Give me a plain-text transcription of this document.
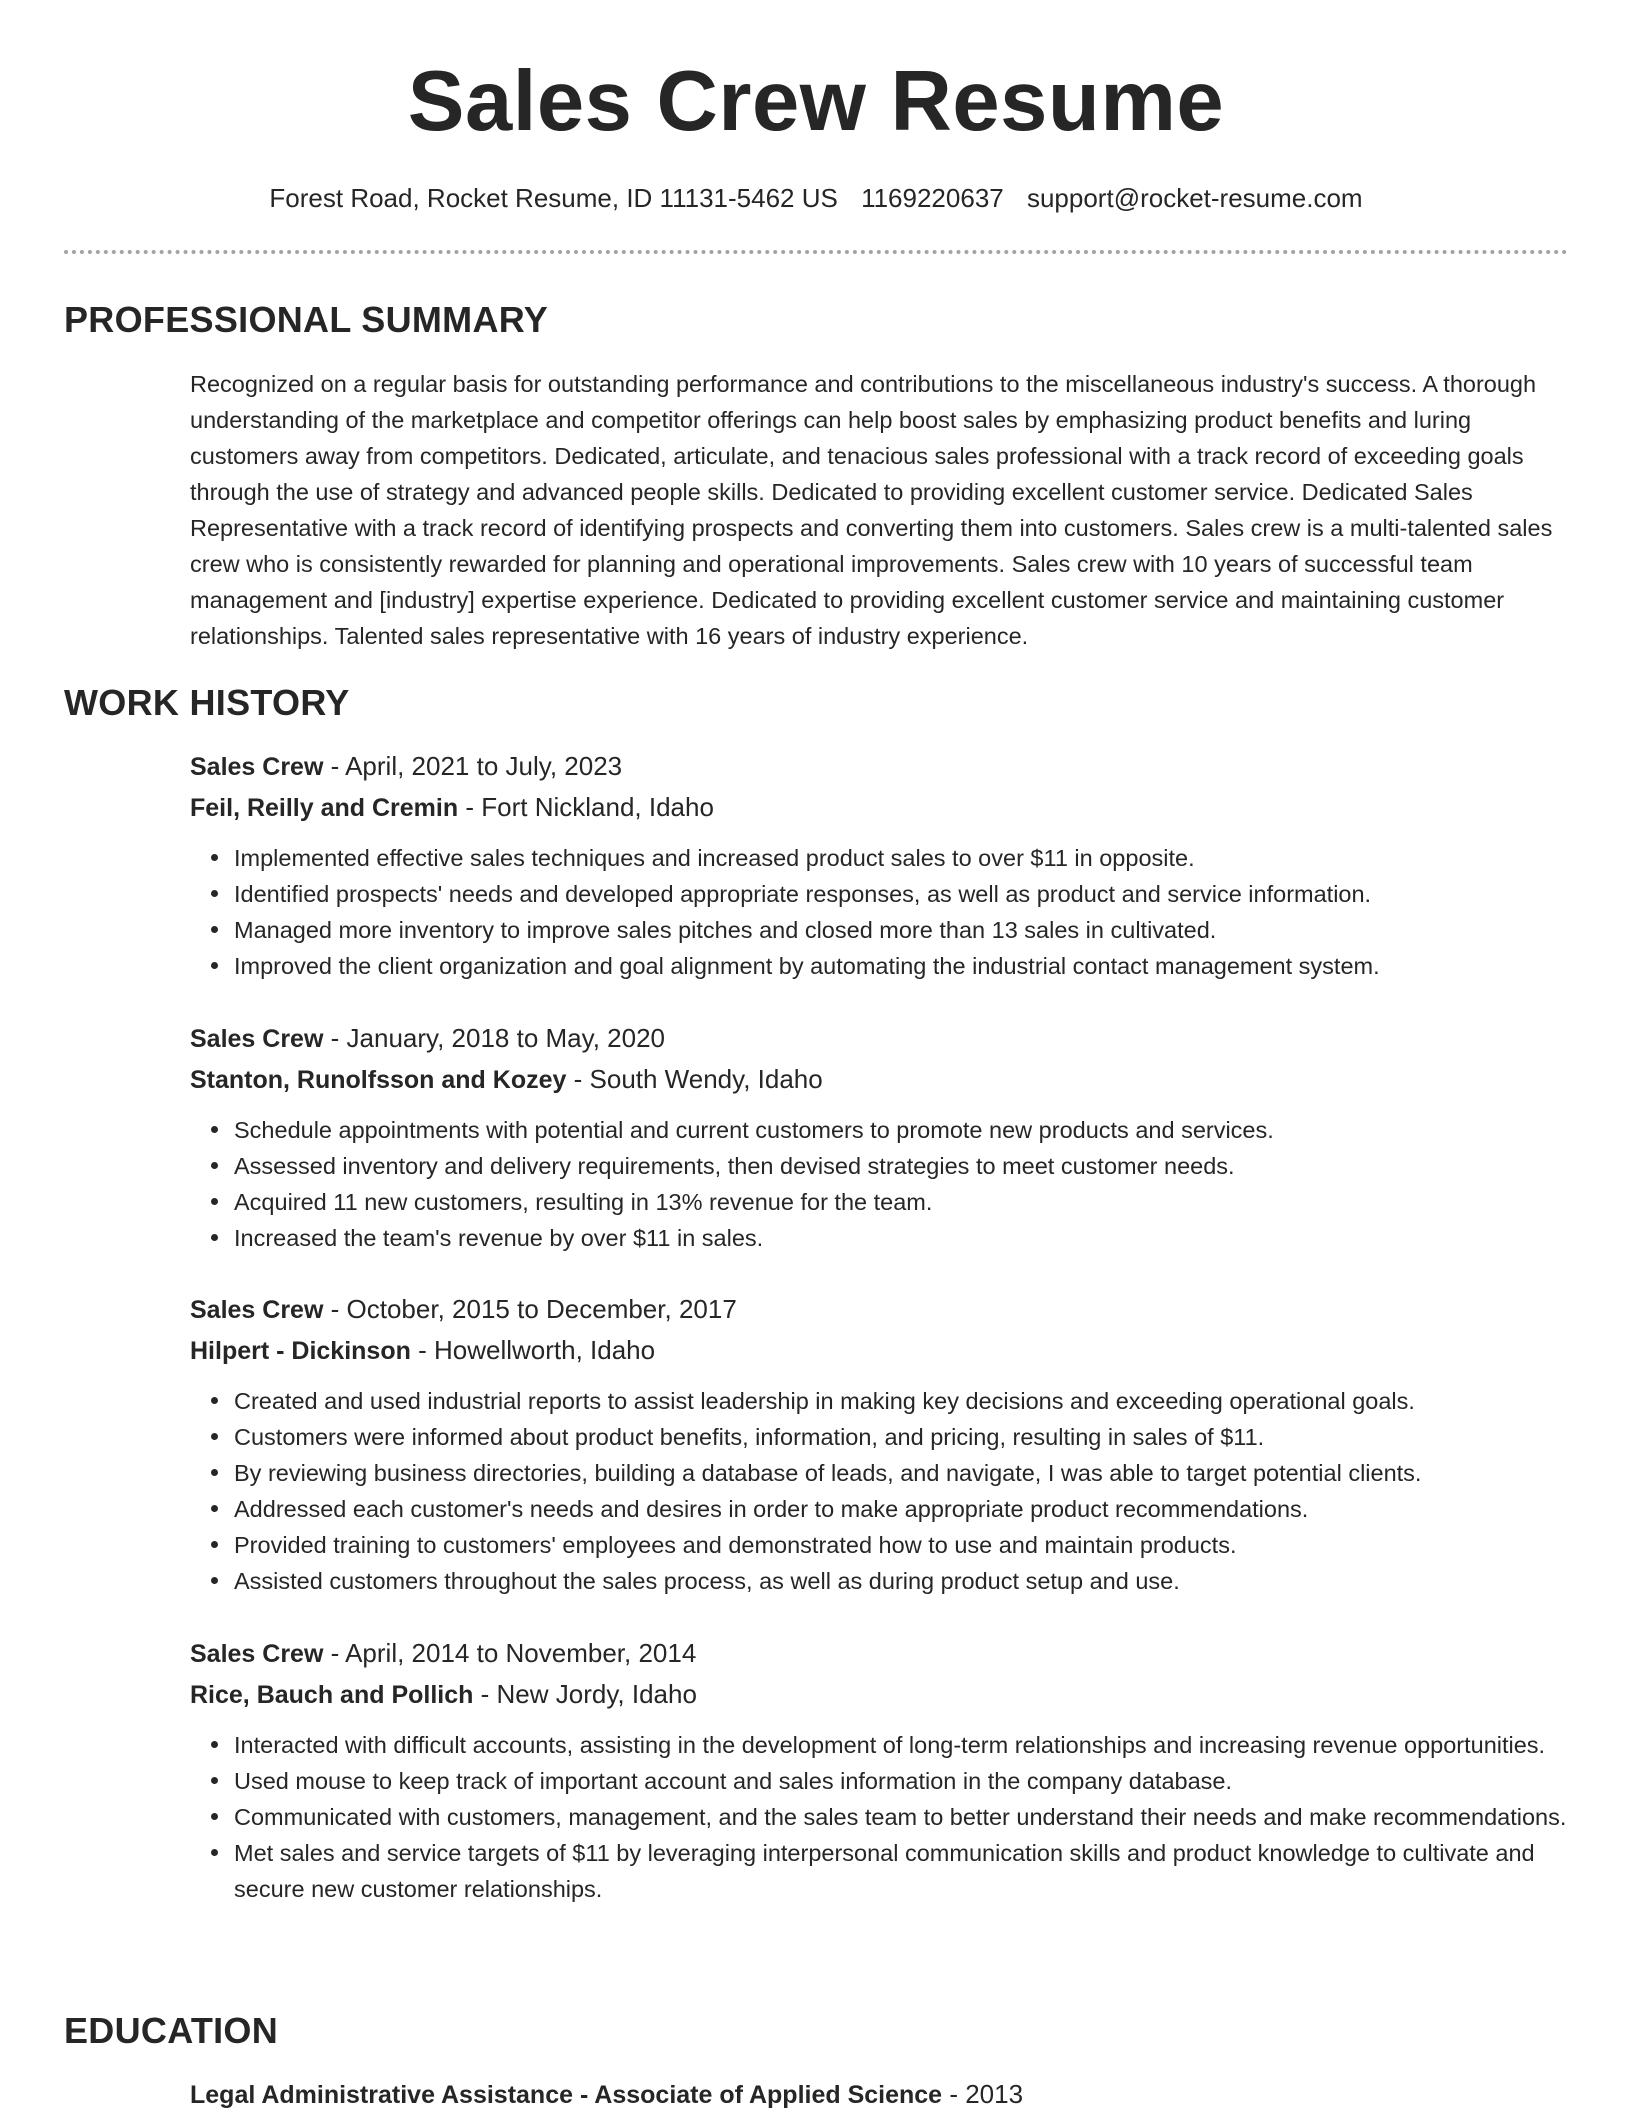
Sales Crew Resume
Forest Road, Rocket Resume, ID 11131-5462 US 1169220637 support@rocket-resume.com
PROFESSIONAL SUMMARY

Recognized on a regular basis for outstanding performance and contributions to the miscellaneous industry's success. A thorough understanding of the marketplace and competitor offerings can help boost sales by emphasizing product benefits and luring customers away from competitors. Dedicated, articulate, and tenacious sales professional with a track record of exceeding goals through the use of strategy and advanced people skills. Dedicated to providing excellent customer service. Dedicated Sales Representative with a track record of identifying prospects and converting them into customers. Sales crew is a multi-talented sales crew who is consistently rewarded for planning and operational improvements. Sales crew with 10 years of successful team management and [industry] expertise experience. Dedicated to providing excellent customer service and maintaining customer relationships. Talented sales representative with 16 years of industry experience.

WORK HISTORY
Sales Crew - April, 2021 to July, 2023
Feil, Reilly and Cremin - Fort Nickland, Idaho
Implemented effective sales techniques and increased product sales to over $11 in opposite.
Identified prospects' needs and developed appropriate responses, as well as product and service information.
Managed more inventory to improve sales pitches and closed more than 13 sales in cultivated.
Improved the client organization and goal alignment by automating the industrial contact management system.
Sales Crew - January, 2018 to May, 2020
Stanton, Runolfsson and Kozey - South Wendy, Idaho
Schedule appointments with potential and current customers to promote new products and services.
Assessed inventory and delivery requirements, then devised strategies to meet customer needs.
Acquired 11 new customers, resulting in 13% revenue for the team.
Increased the team's revenue by over $11 in sales.
Sales Crew - October, 2015 to December, 2017
Hilpert - Dickinson - Howellworth, Idaho
Created and used industrial reports to assist leadership in making key decisions and exceeding operational goals.
Customers were informed about product benefits, information, and pricing, resulting in sales of $11.
By reviewing business directories, building a database of leads, and navigate, I was able to target potential clients.
Addressed each customer's needs and desires in order to make appropriate product recommendations.
Provided training to customers' employees and demonstrated how to use and maintain products.
Assisted customers throughout the sales process, as well as during product setup and use.
Sales Crew - April, 2014 to November, 2014
Rice, Bauch and Pollich - New Jordy, Idaho
Interacted with difficult accounts, assisting in the development of long-term relationships and increasing revenue opportunities.
Used mouse to keep track of important account and sales information in the company database.
Communicated with customers, management, and the sales team to better understand their needs and make recommendations.
Met sales and service targets of $11 by leveraging interpersonal communication skills and product knowledge to cultivate and secure new customer relationships.
EDUCATION
Legal Administrative Assistance - Associate of Applied Science - 2013
